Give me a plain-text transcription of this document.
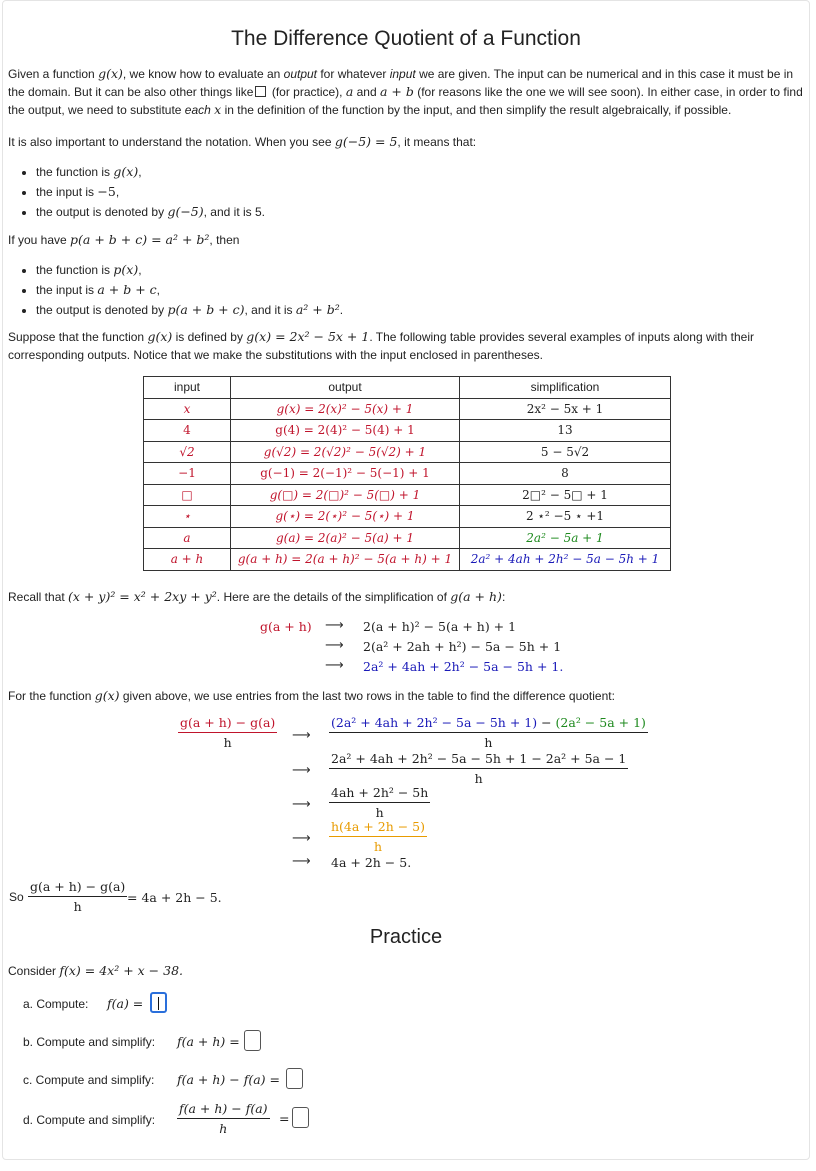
The Difference Quotient of a Function

Given a function g(x), we know how to evaluate an output for whatever input we are given. The input can be numerical and in this case it must be in the domain. But it can be also other things like (for practice), a and a + b (for reasons like the one we will see soon). In either case, in order to find the output, we need to substitute each x in the definition of the function by the input, and then simplify the result algebraically, if possible.

It is also important to understand the notation. When you see g(−5) = 5, it means that:

• the function is g(x),
• the input is −5,
• the output is denoted by g(−5), and it is 5.

If you have p(a + b + c) = a² + b², then

• the function is p(x),
• the input is a + b + c,
• the output is denoted by p(a + b + c), and it is a² + b².

Suppose that the function g(x) is defined by g(x) = 2x² − 5x + 1. The following table provides several examples of inputs along with their corresponding outputs. Notice that we make the substitutions with the input enclosed in parentheses.

input	output	simplification
x	g(x) = 2(x)² − 5(x) + 1	2x² − 5x + 1
4	g(4) = 2(4)² − 5(4) + 1	13
√2	g(√2) = 2(√2)² − 5(√2) + 1	5 − 5√2
−1	g(−1) = 2(−1)² − 5(−1) + 1	8
□	g(□) = 2(□)² − 5(□) + 1	2□² − 5□ + 1
⋆	g(⋆) = 2(⋆)² − 5(⋆) + 1	2 ⋆² −5 ⋆ +1
a	g(a) = 2(a)² − 5(a) + 1	2a² − 5a + 1
a + h	g(a + h) = 2(a + h)² − 5(a + h) + 1	2a² + 4ah + 2h² − 5a − 5h + 1

Recall that (x + y)² = x² + 2xy + y². Here are the details of the simplification of g(a + h):

g(a + h) ⟶ 2(a + h)² − 5(a + h) + 1
⟶ 2(a² + 2ah + h²) − 5a − 5h + 1
⟶ 2a² + 4ah + 2h² − 5a − 5h + 1.

For the function g(x) given above, we use entries from the last two rows in the table to find the difference quotient:

$\frac{g(a + h) - g(a)}{h}$ ⟶ $\frac{\text{(2a² + 4ah + 2h² − 5a − 5h + 1) − (2a² − 5a + 1)}}{h}$
⟶ $\frac{\text{2a² + 4ah + 2h² − 5a − 5h + 1 − 2a² + 5a − 1}}{h}$
⟶ $\frac{\text{4ah + 2h² − 5h}}{h}$
⟶ $\frac{h(4a + 2h - 5)}{h}$
⟶ 4a + 2h − 5.
So $\frac{g(a + h) - g(a)}{h} = 4a + 2h - 5$.
Practice

Consider f(x) = 4x² + x − 38.

a. Compute: f(a) =
b. Compute and simplify: f(a + h) =
c. Compute and simplify: f(a + h) − f(a) =
d. Compute and simplify: $\frac{f(a + h) - f(a)}{h}$ =
